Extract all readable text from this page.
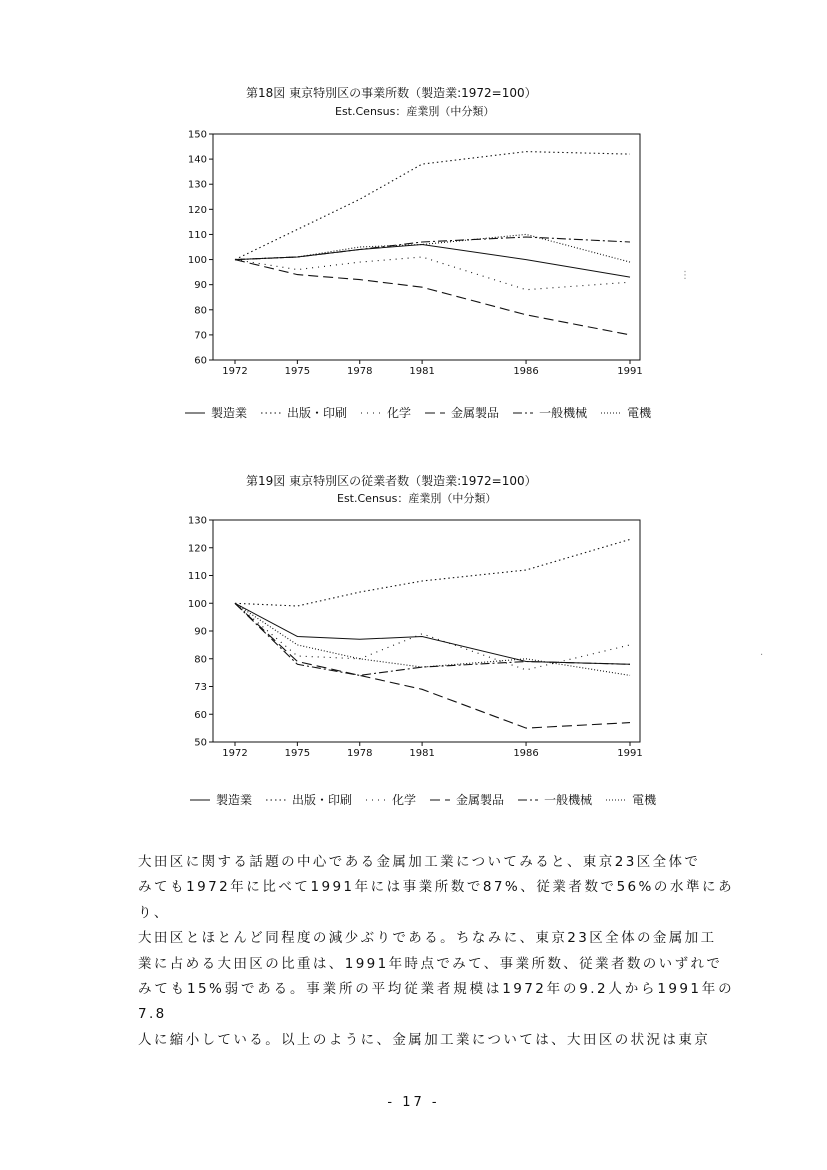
第18図 東京特別区の事業所数（製造業:1972=100）
Est.Census：産業別（中分類）
60
70
80
90
100
110
120
130
140
150
1972	1975	1978	1981	1986	1991
製造業	出版・印刷	化学	金属製品	一般機械	電機
第19図 東京特別区の従業者数（製造業:1972=100）
Est.Census：産業別（中分類）
50
60
73
80
90
100
110
120
130
1972	1975	1978	1981	1986	1991
製造業	出版・印刷	化学	金属製品	一般機械	電機
⋮
·
大田区に関する話題の中心である金属加工業についてみると、東京23区全体で
みても1972年に比べて1991年には事業所数で87%、従業者数で56%の水準にあり、
大田区とほとんど同程度の減少ぶりである。ちなみに、東京23区全体の金属加工
業に占める大田区の比重は、1991年時点でみて、事業所数、従業者数のいずれで
みても15%弱である。事業所の平均従業者規模は1972年の9.2人から1991年の7.8
人に縮小している。以上のように、金属加工業については、大田区の状況は東京
- 17 -
